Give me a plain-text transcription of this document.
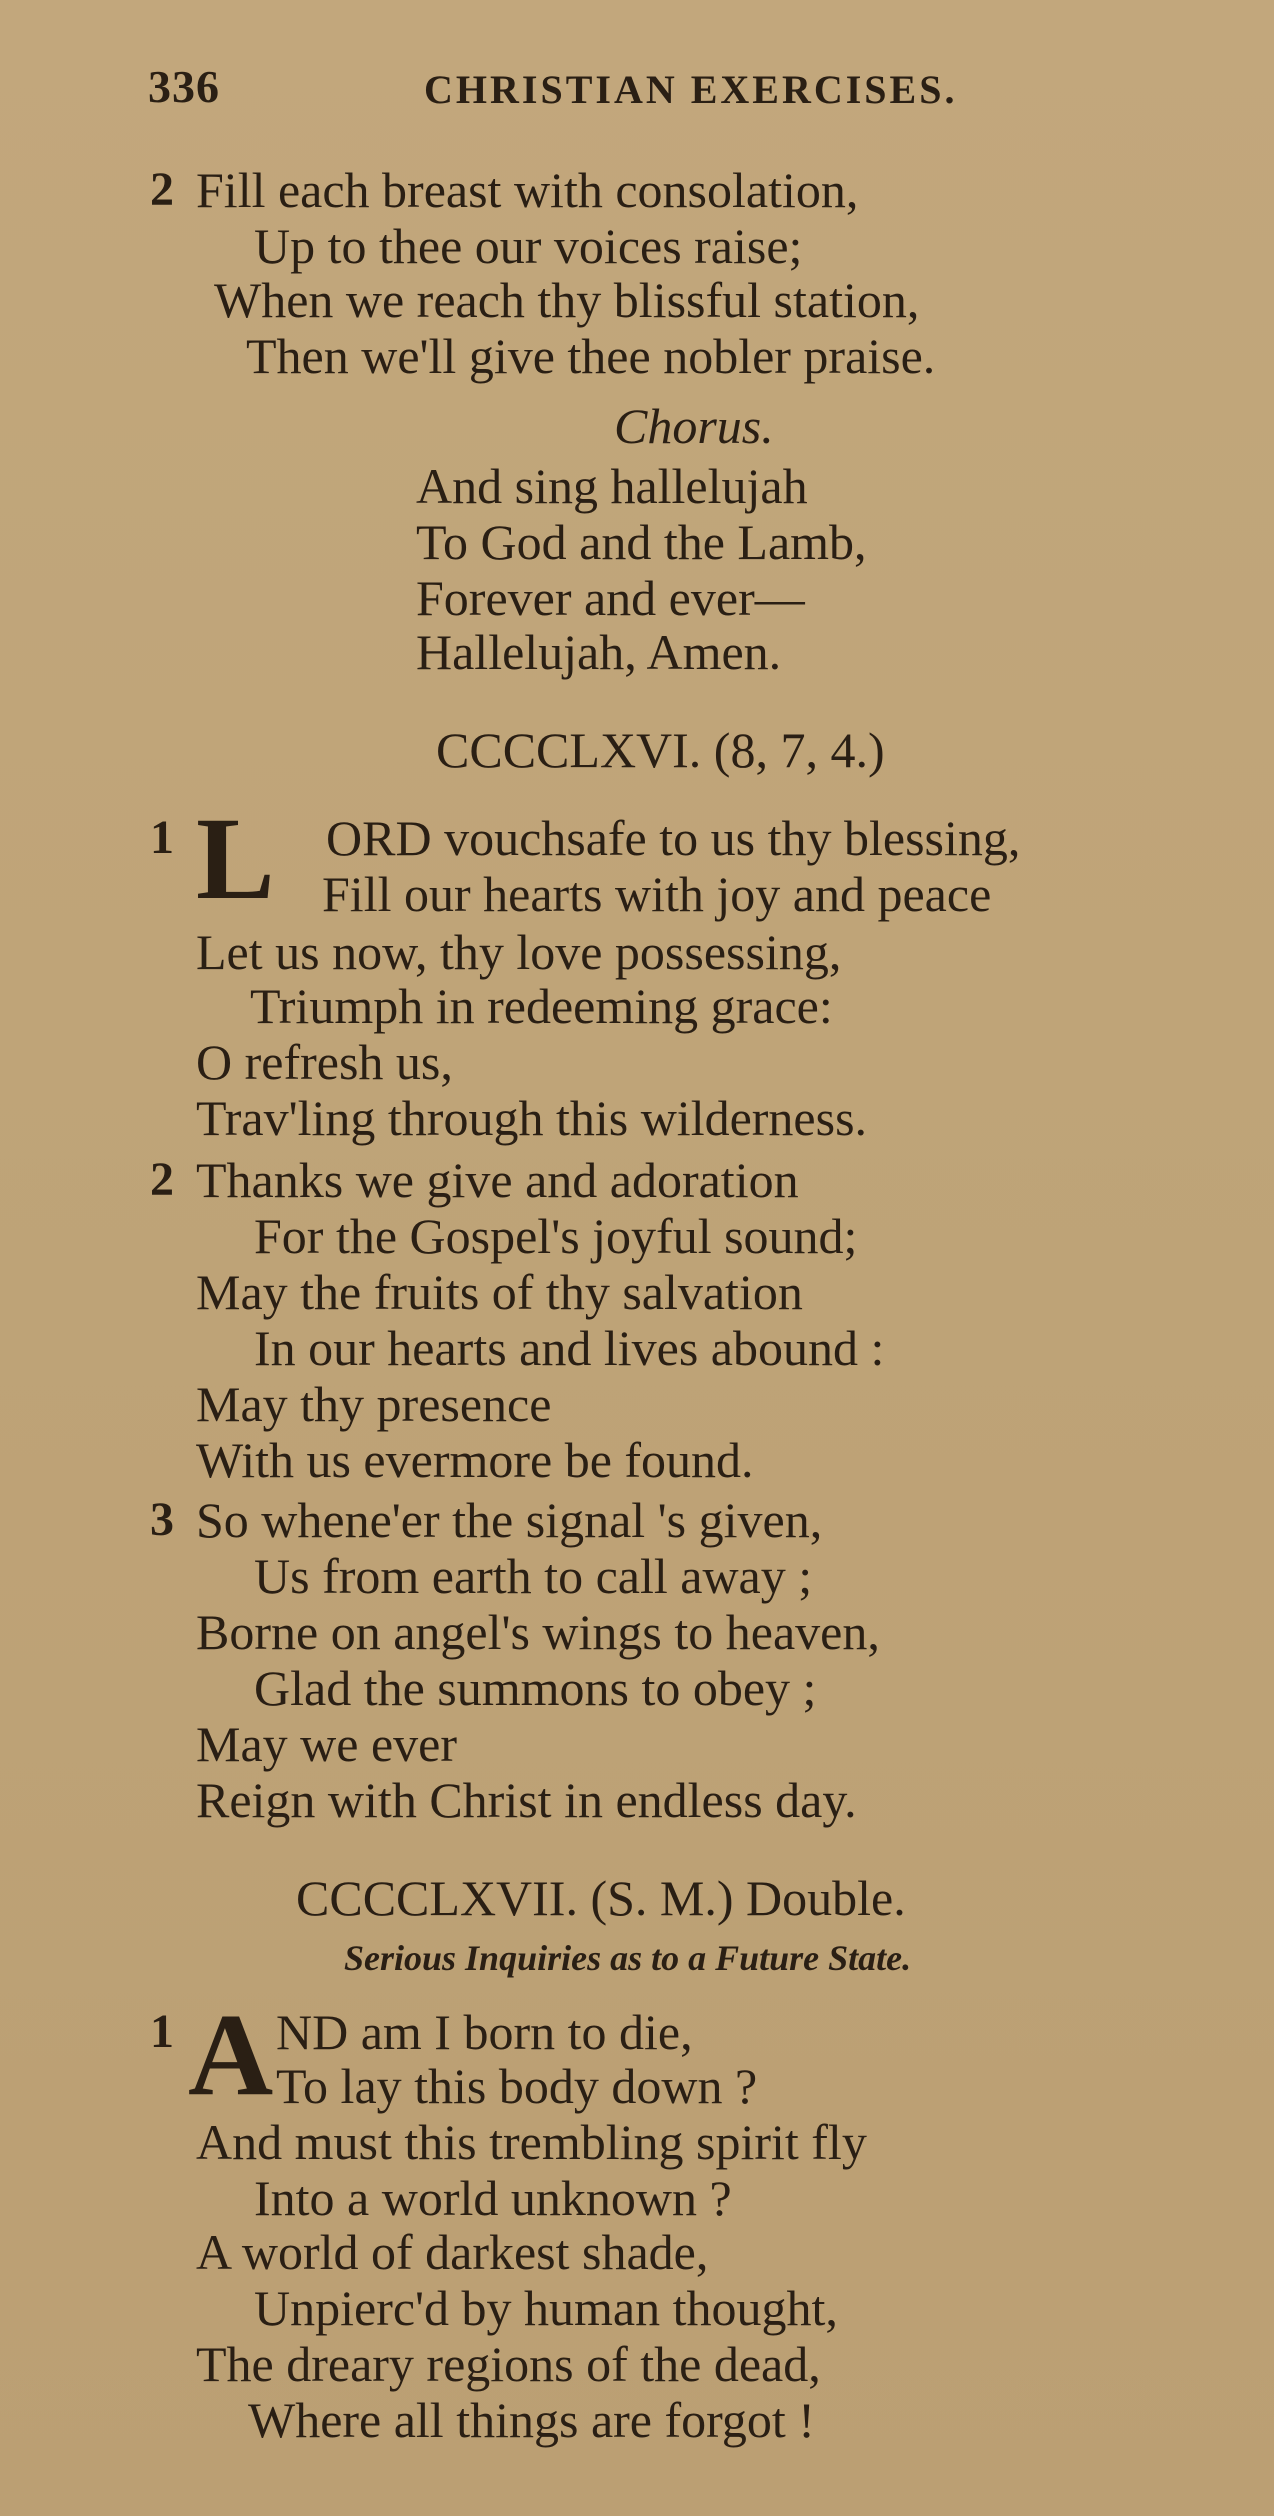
336	CHRISTIAN EXERCISES.
2 Fill each breast with consolation,
Up to thee our voices raise;
When we reach thy blissful station,
Then we'll give thee nobler praise.
Chorus.
And sing hallelujah
To God and the Lamb,
Forever and ever—
Hallelujah, Amen.
CCCCLXVI. (8, 7, 4.)
1 L ORD vouchsafe to us thy blessing,
Fill our hearts with joy and peace
Let us now, thy love possessing,
Triumph in redeeming grace:
O refresh us,
Trav'ling through this wilderness.
2 Thanks we give and adoration
For the Gospel's joyful sound;
May the fruits of thy salvation
In our hearts and lives abound :
May thy presence
With us evermore be found.
3 So whene'er the signal 's given,
Us from earth to call away ;
Borne on angel's wings to heaven,
Glad the summons to obey ;
May we ever
Reign with Christ in endless day.
CCCCLXVII. (S. M.) Double.
Serious Inquiries as to a Future State.
1 A ND am I born to die,
To lay this body down ?
And must this trembling spirit fly
Into a world unknown ?
A world of darkest shade,
Unpierc'd by human thought,
The dreary regions of the dead,
Where all things are forgot !
